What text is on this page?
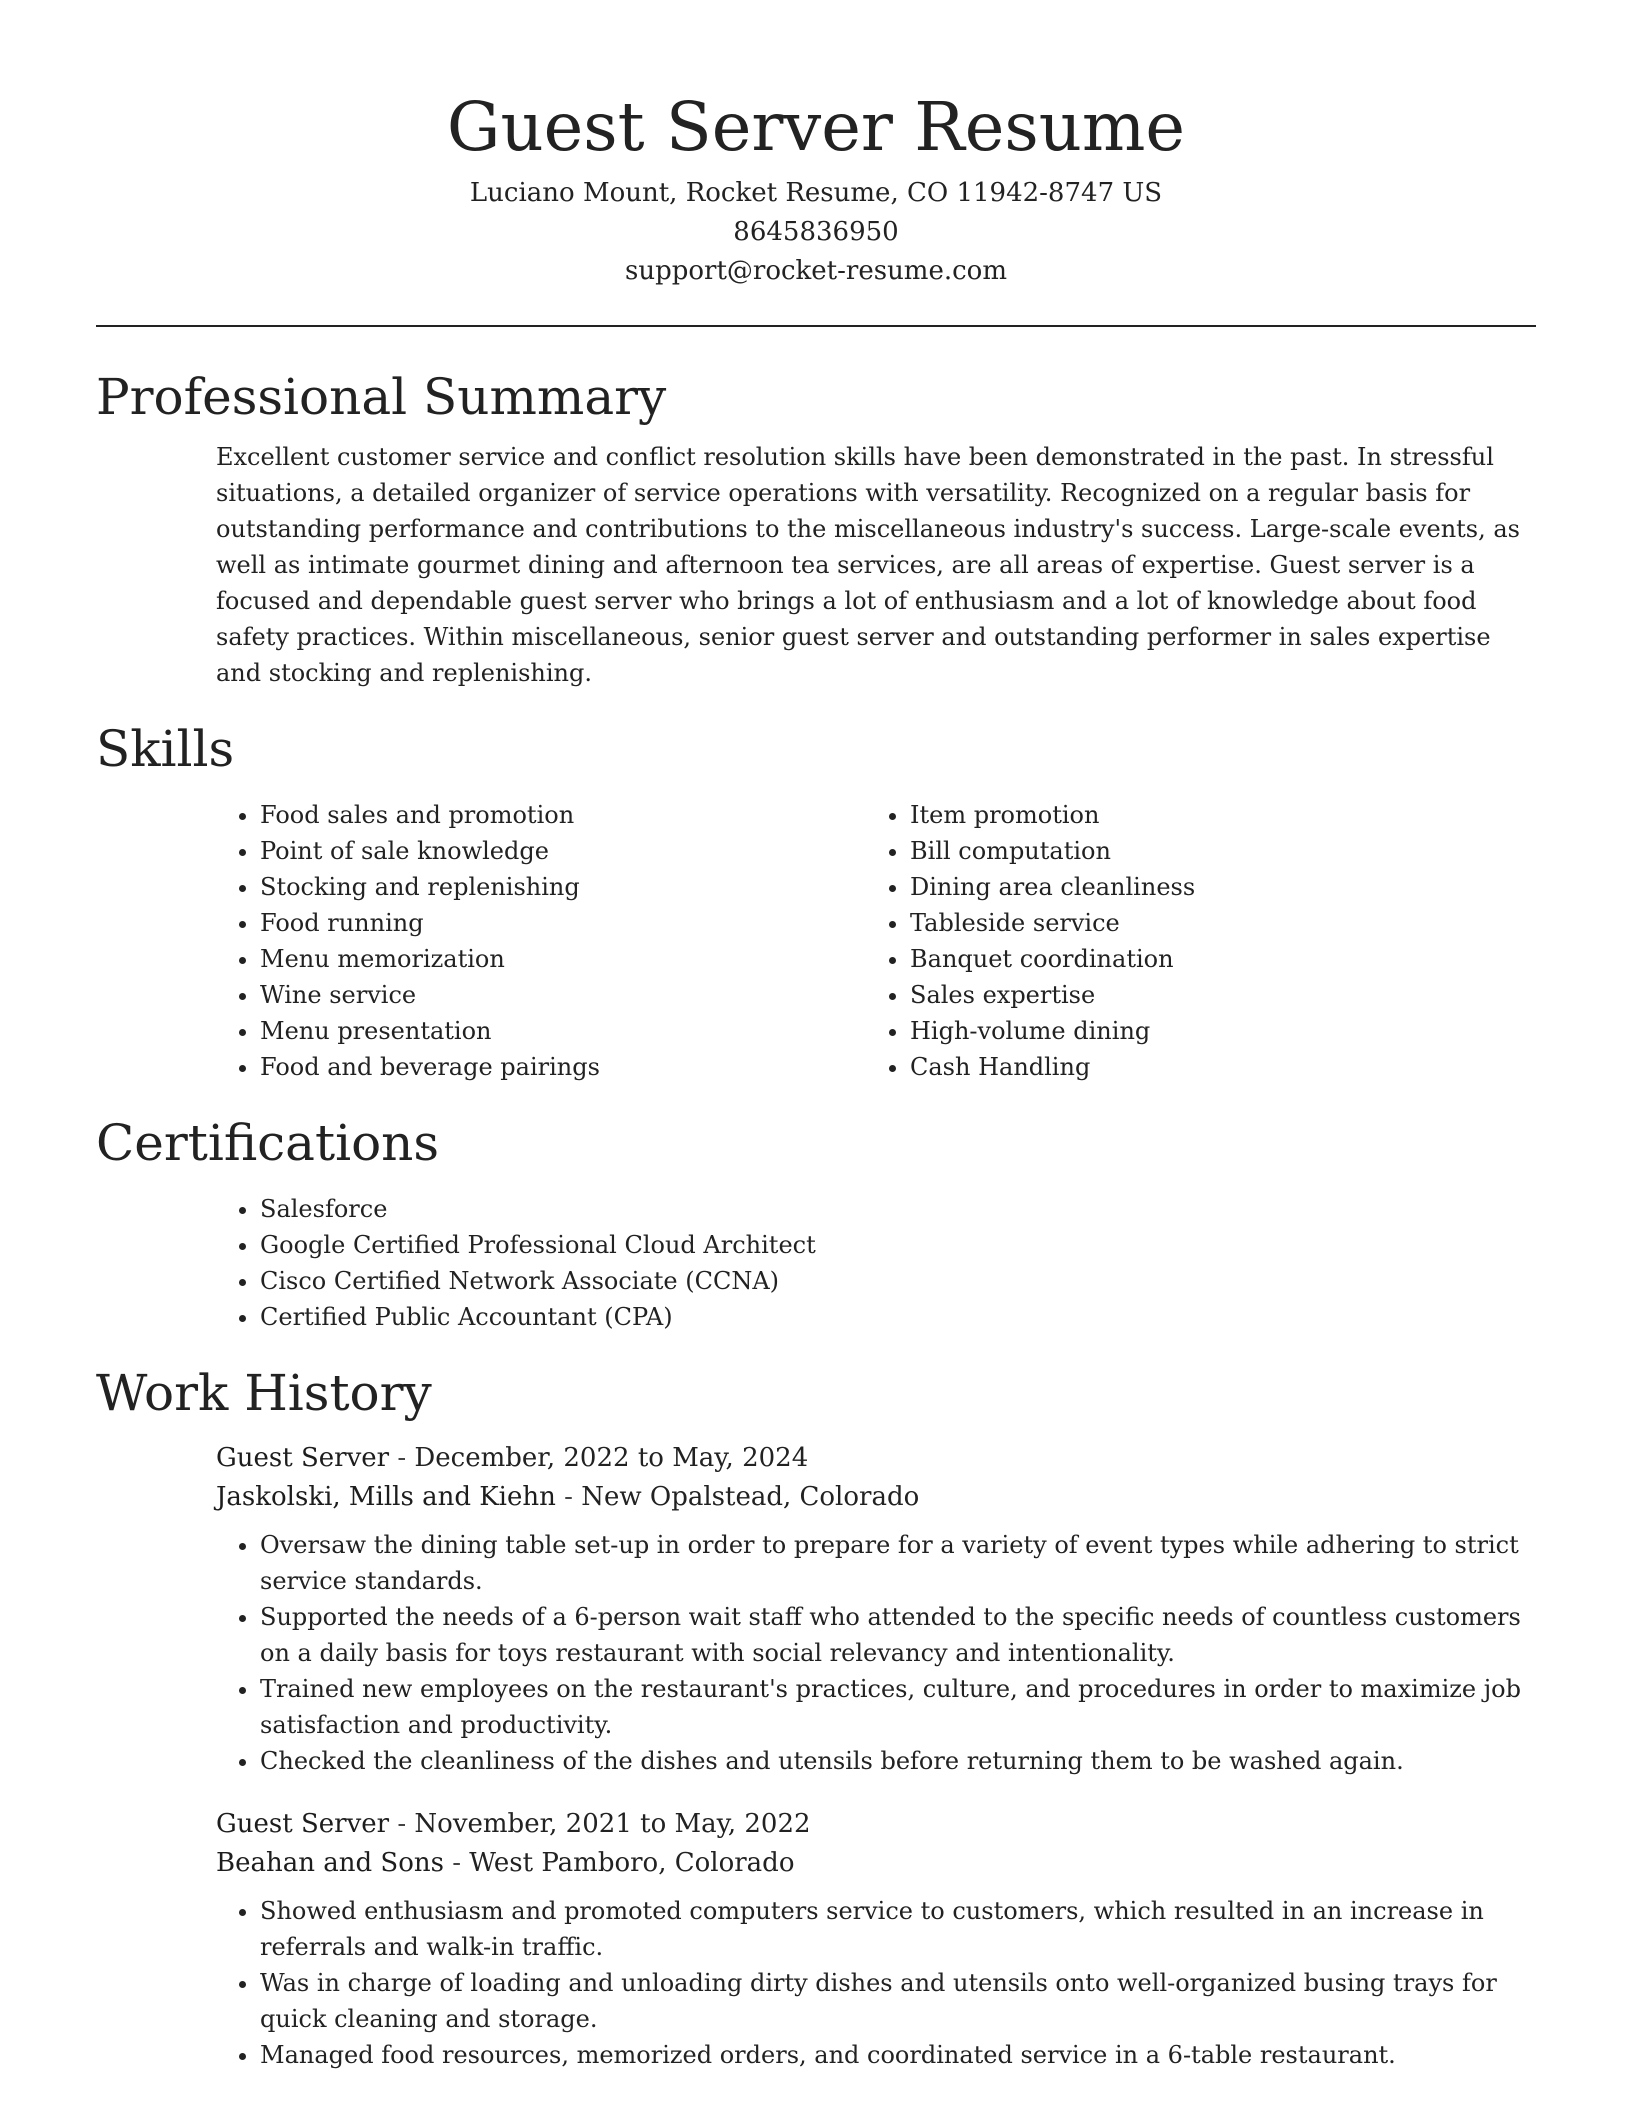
Guest Server Resume
Luciano Mount, Rocket Resume, CO 11942-8747 US
8645836950
support@rocket-resume.com
Professional Summary

Excellent customer service and conflict resolution skills have been demonstrated in the past. In stressful situations, a detailed organizer of service operations with versatility. Recognized on a regular basis for outstanding performance and contributions to the miscellaneous industry's success. Large-scale events, as well as intimate gourmet dining and afternoon tea services, are all areas of expertise. Guest server is a focused and dependable guest server who brings a lot of enthusiasm and a lot of knowledge about food safety practices. Within miscellaneous, senior guest server and outstanding performer in sales expertise and stocking and replenishing.

Skills
• Food sales and promotion
• Point of sale knowledge
• Stocking and replenishing
• Food running
• Menu memorization
• Wine service
• Menu presentation
• Food and beverage pairings
• Item promotion
• Bill computation
• Dining area cleanliness
• Tableside service
• Banquet coordination
• Sales expertise
• High-volume dining
• Cash Handling
Certifications
• Salesforce
• Google Certified Professional Cloud Architect
• Cisco Certified Network Associate (CCNA)
• Certified Public Accountant (CPA)
Work History
Guest Server - December, 2022 to May, 2024
Jaskolski, Mills and Kiehn - New Opalstead, Colorado
• Oversaw the dining table set-up in order to prepare for a variety of event types while adhering to strict service standards.
• Supported the needs of a 6-person wait staff who attended to the specific needs of countless customers on a daily basis for toys restaurant with social relevancy and intentionality.
• Trained new employees on the restaurant's practices, culture, and procedures in order to maximize job satisfaction and productivity.
• Checked the cleanliness of the dishes and utensils before returning them to be washed again.
Guest Server - November, 2021 to May, 2022
Beahan and Sons - West Pamboro, Colorado
• Showed enthusiasm and promoted computers service to customers, which resulted in an increase in referrals and walk-in traffic.
• Was in charge of loading and unloading dirty dishes and utensils onto well-organized busing trays for quick cleaning and storage.
• Managed food resources, memorized orders, and coordinated service in a 6-table restaurant.
